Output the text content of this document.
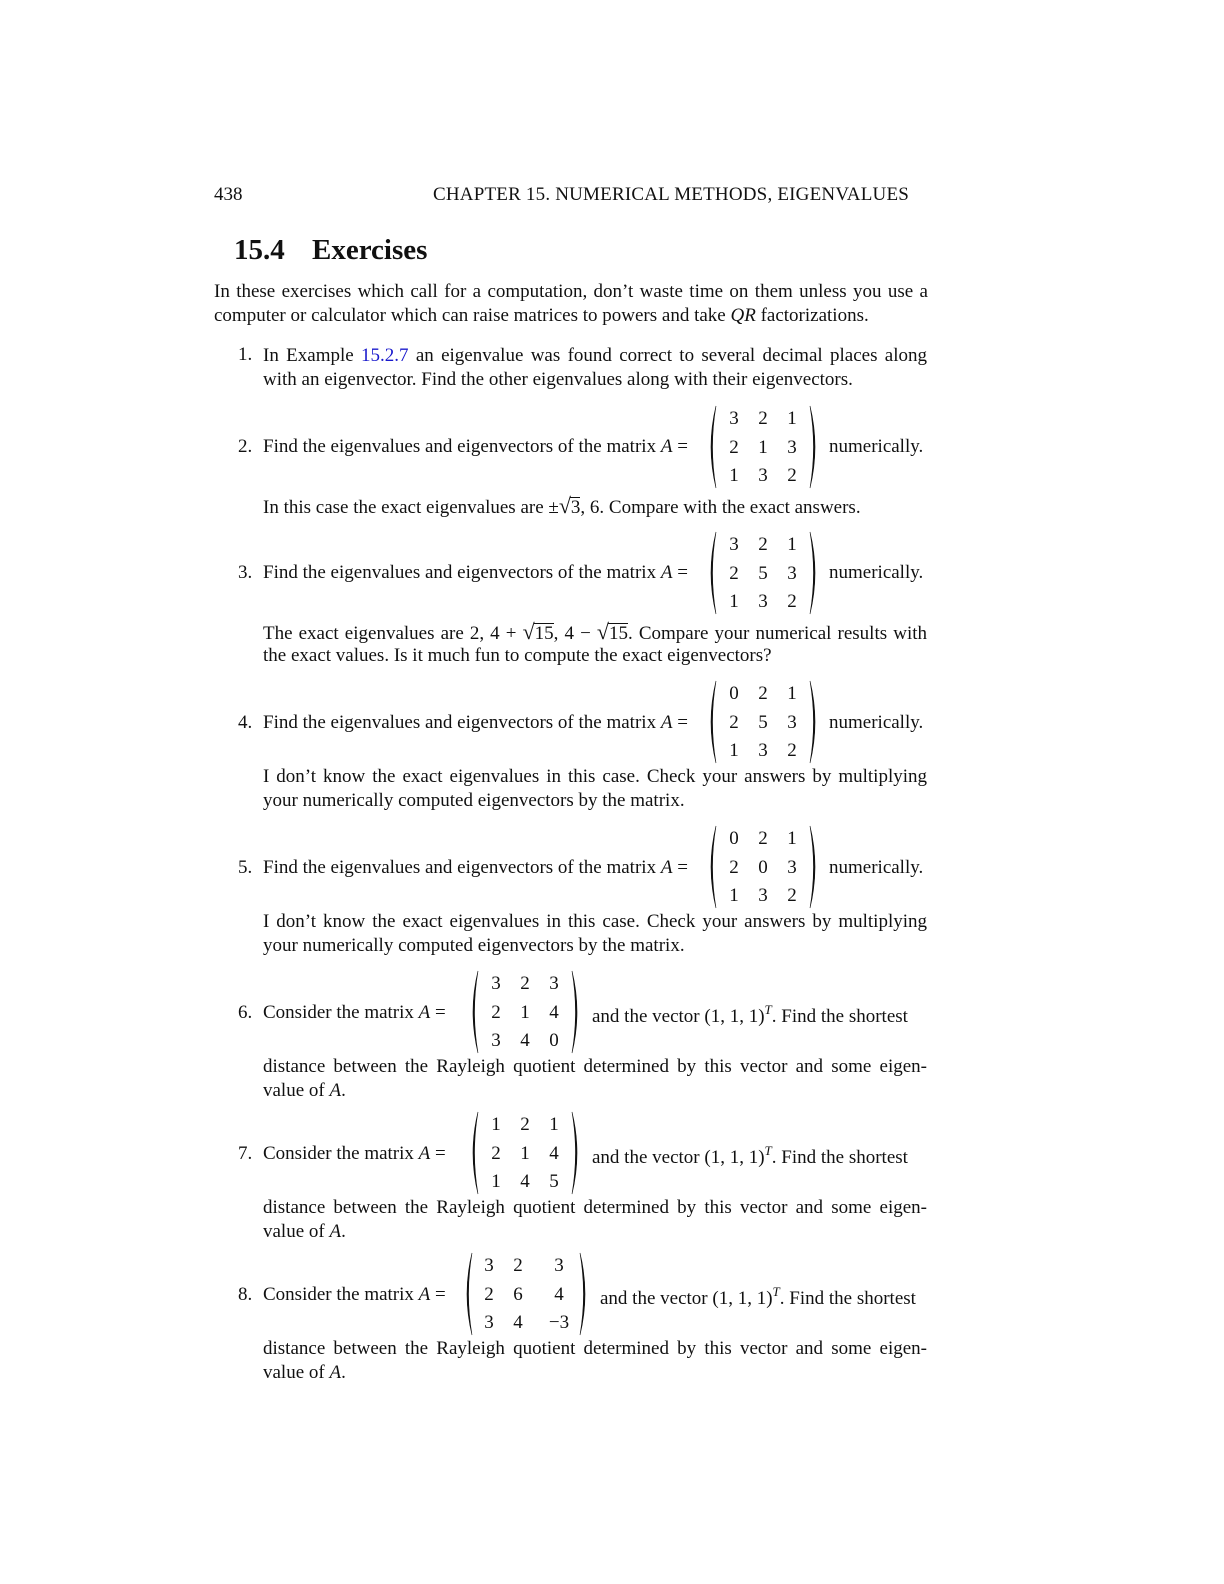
438	CHAPTER 15. NUMERICAL METHODS, EIGENVALUES
15.4 Exercises
In these exercises which call for a computation, don’t waste time on them unless you use a computer or calculator which can raise matrices to powers and take QR factorizations.
1. In Example 15.2.7 an eigenvalue was found correct to several decimal places along
with an eigenvector. Find the other eigenvalues along with their eigenvectors.
2. Find the eigenvalues and eigenvectors of the matrix A =
3	2	1
2	1	3
1	3	2
numerically.
In this case the exact eigenvalues are ±√3, 6. Compare with the exact answers.
3. Find the eigenvalues and eigenvectors of the matrix A =
3	2	1
2	5	3
1	3	2
numerically.
The exact eigenvalues are 2, 4 + √15, 4 − √15. Compare your numerical results with
the exact values. Is it much fun to compute the exact eigenvectors?
4. Find the eigenvalues and eigenvectors of the matrix A =
0	2	1
2	5	3
1	3	2
numerically.
I don’t know the exact eigenvalues in this case. Check your answers by multiplying
your numerically computed eigenvectors by the matrix.
5. Find the eigenvalues and eigenvectors of the matrix A =
0	2	1
2	0	3
1	3	2
numerically.
I don’t know the exact eigenvalues in this case. Check your answers by multiplying
your numerically computed eigenvectors by the matrix.
6. Consider the matrix A =
3	2	3
2	1	4
3	4	0
and the vector (1, 1, 1)$^T$. Find the shortest
distance between the Rayleigh quotient determined by this vector and some eigen-
value of A.
7. Consider the matrix A =
1	2	1
2	1	4
1	4	5
and the vector (1, 1, 1)$^T$. Find the shortest
distance between the Rayleigh quotient determined by this vector and some eigen-
value of A.
8. Consider the matrix A =
3	2	3
2	6	4
3	4	−3
and the vector (1, 1, 1)$^T$. Find the shortest
distance between the Rayleigh quotient determined by this vector and some eigen-
value of A.
